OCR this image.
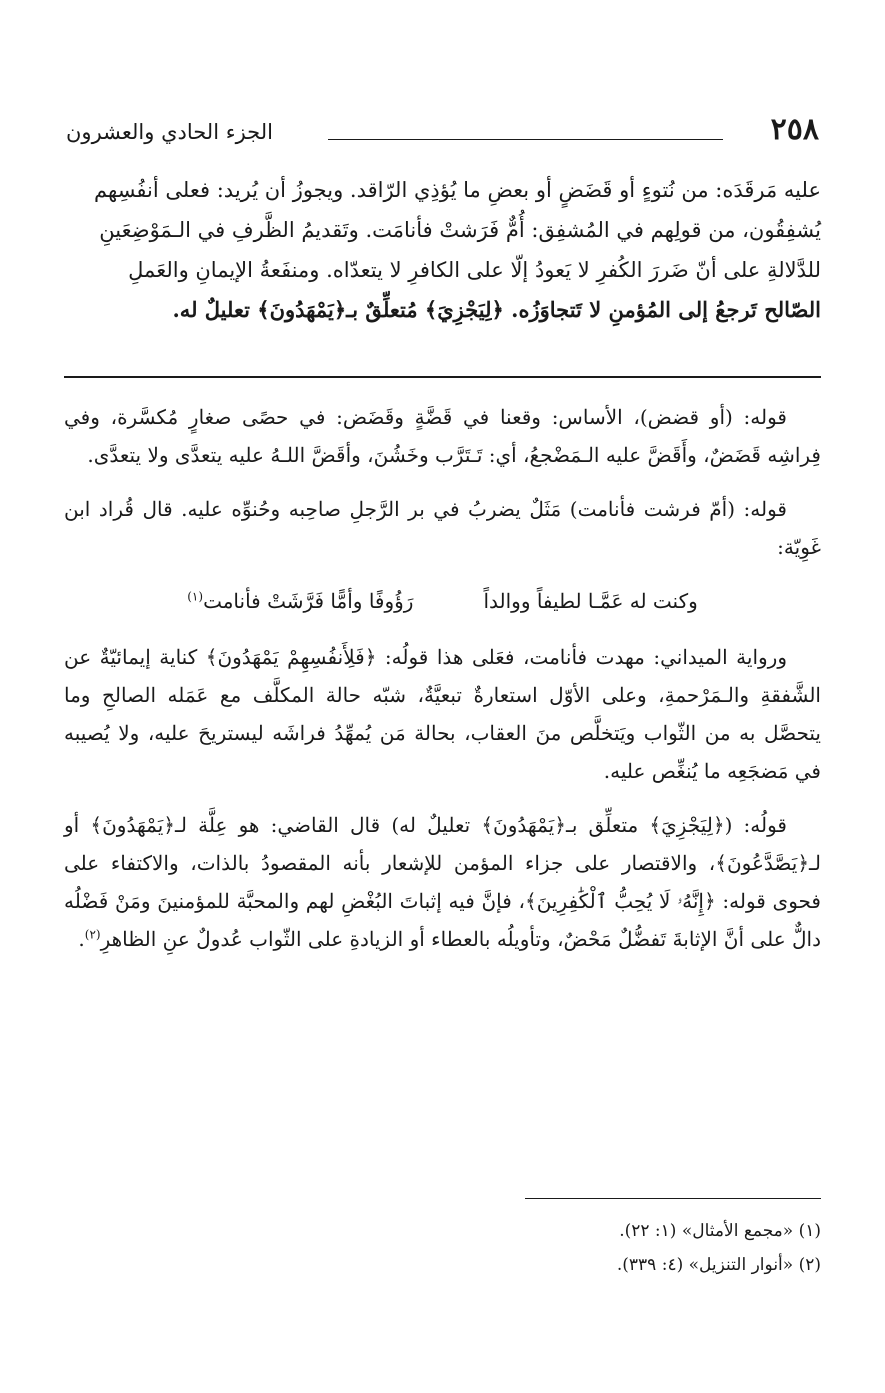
٢٥٨
الجزء الحادي والعشرون

عليه مَرقَدَه: من نُتوءٍ أو قَضَضٍ أو بعضِ ما يُؤذِي الرّاقد. ويجوزُ أن يُريد: فعلى أنفُسِهم

يُشفِقُون، من قولِهم في المُشفِق: أُمٌّ فَرَشتْ فأنامَت. وتَقديمُ الظَّرفِ في الـمَوْضِعَينِ

للدَّلالةِ على أنّ ضَررَ الكُفرِ لا يَعودُ إلّا على الكافرِ لا يتعدّاه. ومنفَعةُ الإيمانِ والعَملِ

الصّالح تَرجعُ إلى المُؤمنِ لا تَتجاوَزُه. ﴿لِيَجْزِيَ﴾ مُتعلِّقٌ بـ﴿يَمْهَدُونَ﴾ تعليلٌ له.

قوله: (أو قضض)، الأساس: وقعنا في قَضَّةٍ وقَضَض: في حصًى صغارٍ مُكسَّرة، وفي فِراشِه قَضَضٌ، وأَقَضَّ عليه الـمَضْجعُ، أي: تَـتَرَّب وخَشُنَ، وأقَضَّ اللـهُ عليه يتعدَّى ولا يتعدَّى.

قوله: (أمّ فرشت فأنامت) مَثَلٌ يضربُ في بر الرَّجلِ صاحِبه وحُنوِّه عليه. قال قُراد ابن غَوِيّة:

وكنت له عَمَّـا لطيفاً ووالداً
رَؤُوفًا وأمًّا فَرَّشَتْ فأنامت$^{(١)}$

ورواية الميداني: مهدت فأنامت، فعَلى هذا قولُه: ﴿فَلِأَنفُسِهِمْ يَمْهَدُونَ﴾ كناية إيمائيّةٌ عن الشَّفقةِ والـمَرْحمةِ، وعلى الأوّل استعارةٌ تبعيَّةٌ، شبّه حالة المكلَّف مع عَمَله الصالحِ وما يتحصَّل به من الثّواب ويَتخلَّص منَ العقاب، بحالة مَن يُمهِّدُ فراشَه ليستريحَ عليه، ولا يُصيبه في مَضجَعِه ما يُنغِّص عليه.

قولُه: (﴿لِيَجْزِيَ﴾ متعلِّق بـ﴿يَمْهَدُونَ﴾ تعليلٌ له) قال القاضي: هو عِلَّة لـ﴿يَمْهَدُونَ﴾ أو لـ﴿يَصَّدَّعُونَ﴾، والاقتصار على جزاء المؤمن للإشعار بأنه المقصودُ بالذات، والاكتفاء على فحوى قوله: ﴿إِنَّهُۥ لَا يُحِبُّ ٱلْكَٰفِرِينَ﴾، فإنَّ فيه إثباتَ البُغْضِ لهم والمحبَّة للمؤمنينَ ومَنْ فَضْلُه دالٌّ على أنَّ الإثابةَ تَفضُّلٌ مَحْضٌ، وتأويلُه بالعطاء أو الزيادةِ على الثّواب عُدولٌ عنِ الظاهرِ$^{(٢)}$.

(١) «مجمع الأمثال» (١: ٢٢).
(٢) «أنوار التنزيل» (٤: ٣٣٩).
